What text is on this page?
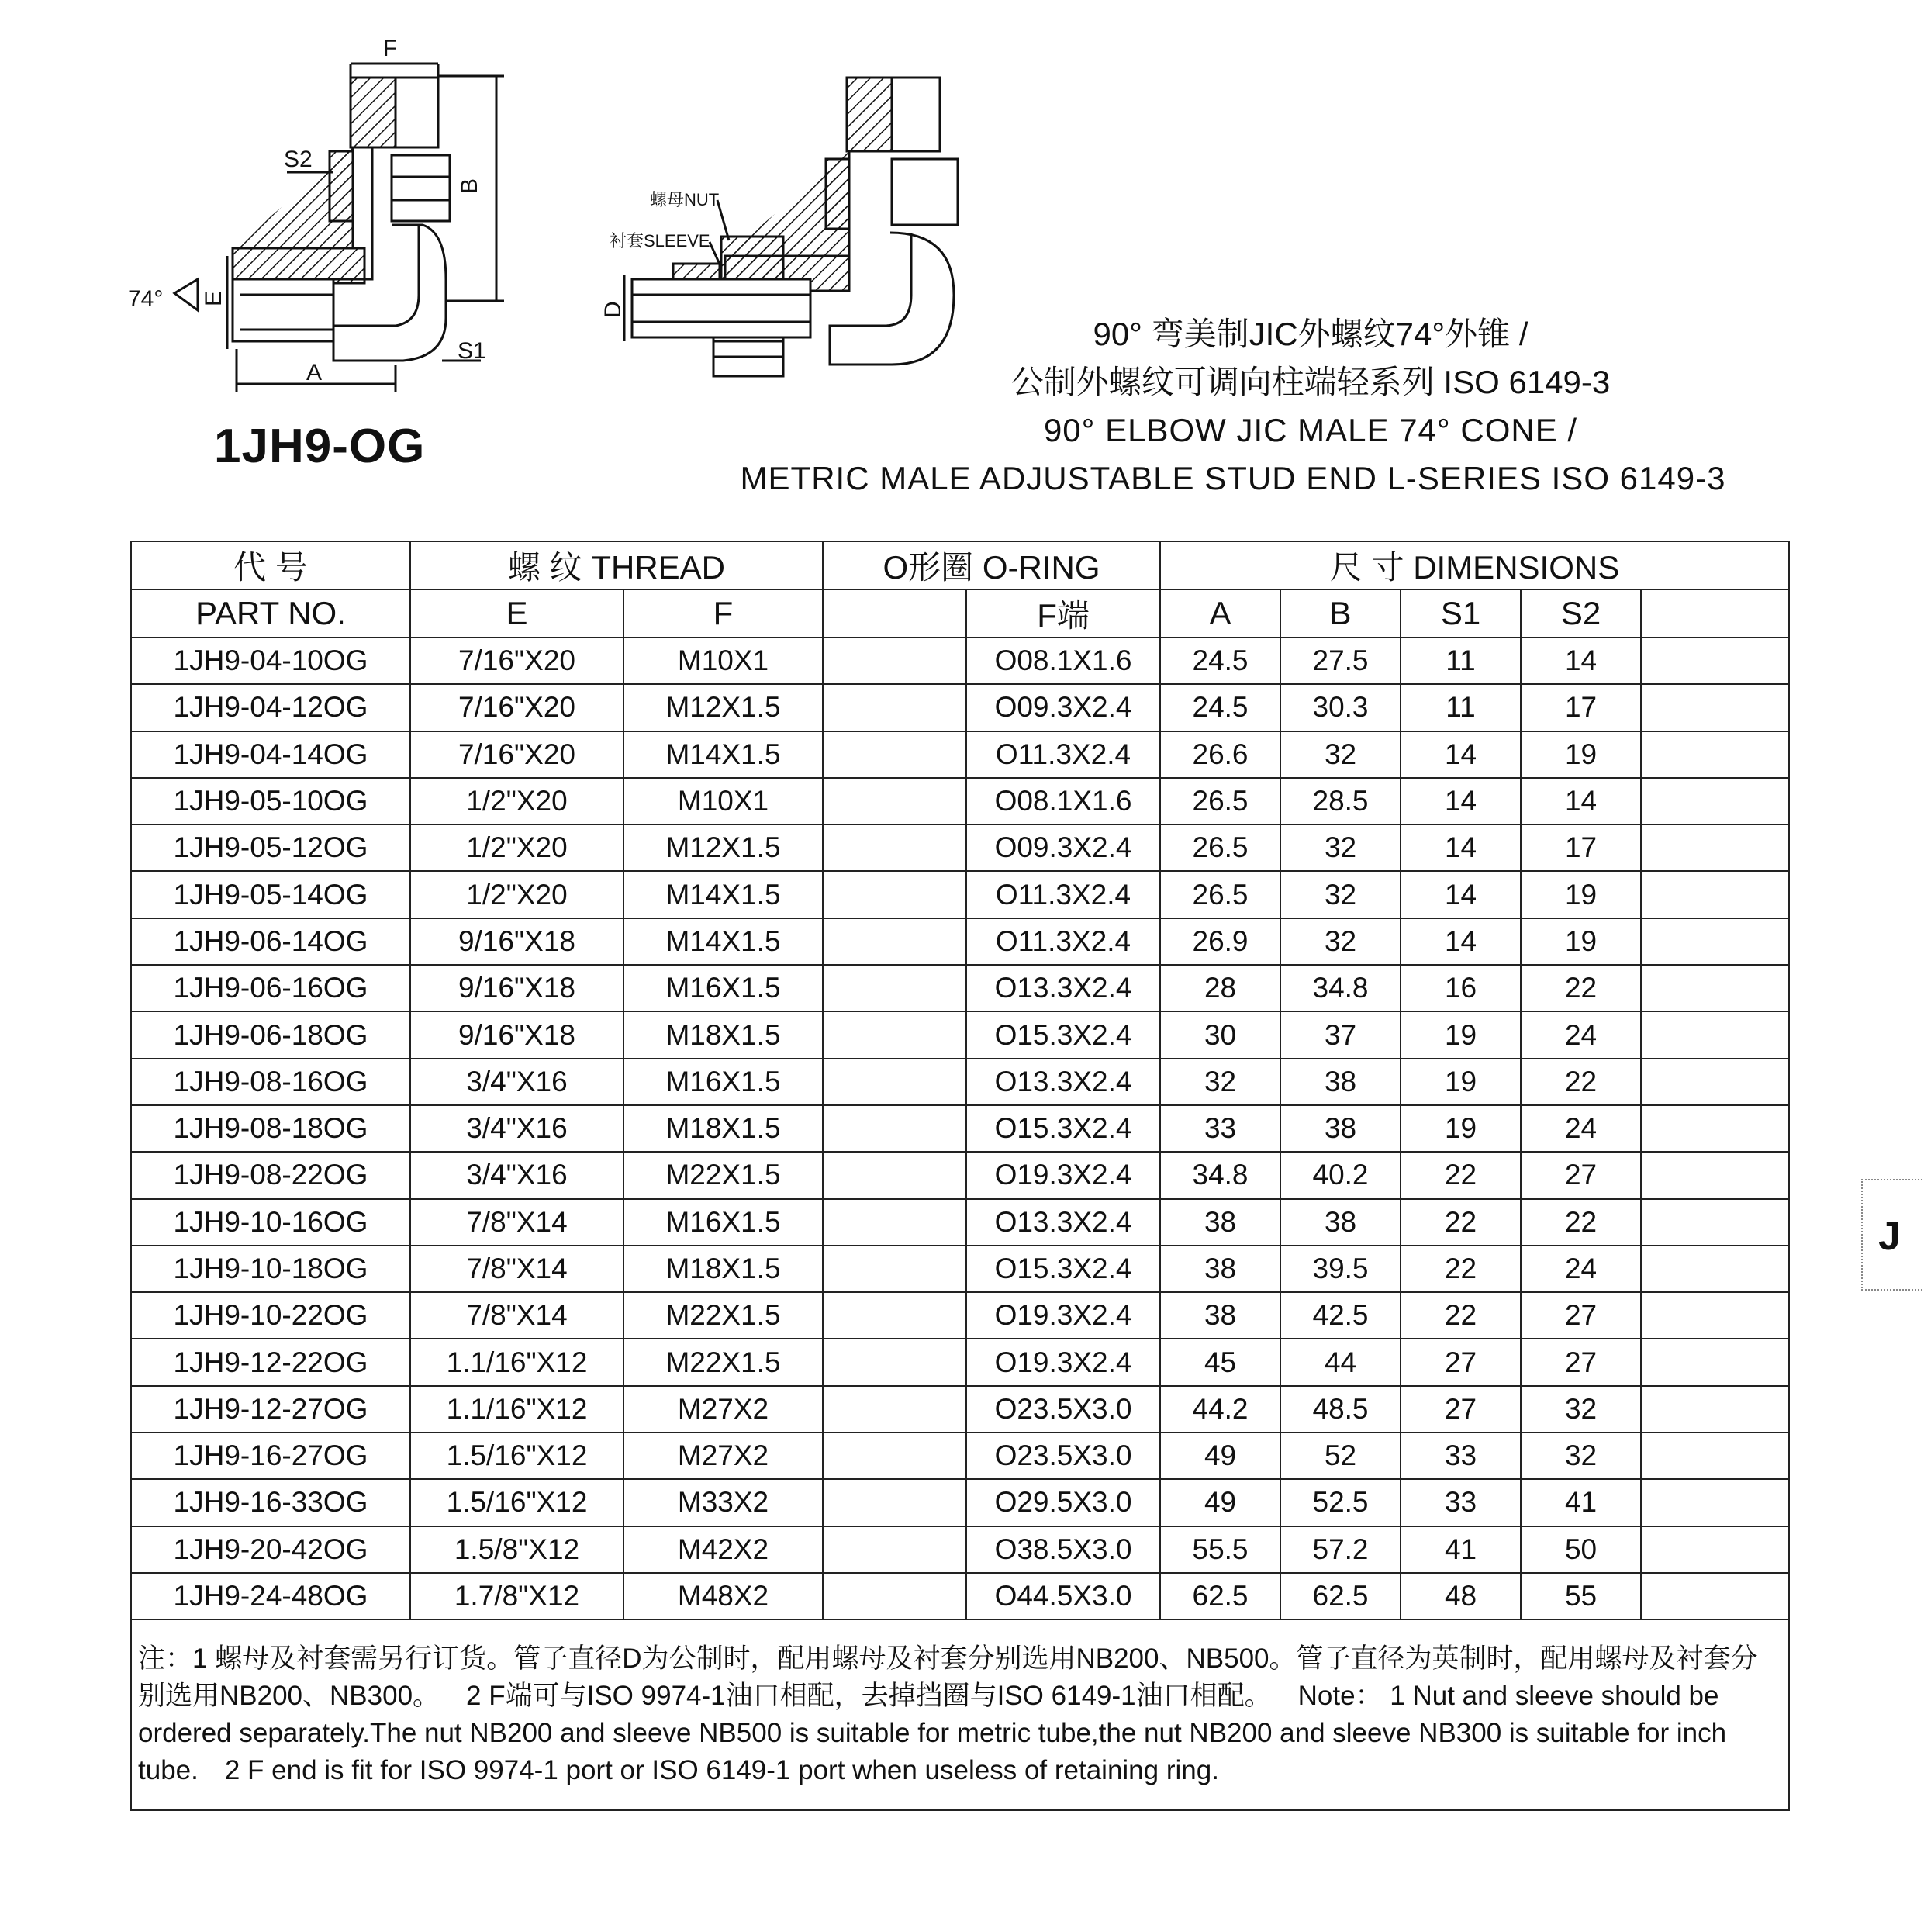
F
B
S2
S1
A
E
74°
螺母NUT
衬套SLEEVE
D
1JH9-OG
90° 弯美制JIC外螺纹74°外锥 /
公制外螺纹可调向柱端轻系列 ISO 6149-3
90° ELBOW JIC MALE 74° CONE /
METRIC MALE ADJUSTABLE STUD END L-SERIES ISO 6149-3
J
代 号	螺 纹 THREAD		O形圈 O-RING		尺 寸 DIMENSIONS				
PART NO.	E	F		F端	A	B	S1	S2	
1JH9-04-10OG	7/16"X20	M10X1		O08.1X1.6	24.5	27.5	11	14	
1JH9-04-12OG	7/16"X20	M12X1.5		O09.3X2.4	24.5	30.3	11	17	
1JH9-04-14OG	7/16"X20	M14X1.5		O11.3X2.4	26.6	32	14	19	
1JH9-05-10OG	1/2"X20	M10X1		O08.1X1.6	26.5	28.5	14	14	
1JH9-05-12OG	1/2"X20	M12X1.5		O09.3X2.4	26.5	32	14	17	
1JH9-05-14OG	1/2"X20	M14X1.5		O11.3X2.4	26.5	32	14	19	
1JH9-06-14OG	9/16"X18	M14X1.5		O11.3X2.4	26.9	32	14	19	
1JH9-06-16OG	9/16"X18	M16X1.5		O13.3X2.4	28	34.8	16	22	
1JH9-06-18OG	9/16"X18	M18X1.5		O15.3X2.4	30	37	19	24	
1JH9-08-16OG	3/4"X16	M16X1.5		O13.3X2.4	32	38	19	22	
1JH9-08-18OG	3/4"X16	M18X1.5		O15.3X2.4	33	38	19	24	
1JH9-08-22OG	3/4"X16	M22X1.5		O19.3X2.4	34.8	40.2	22	27	
1JH9-10-16OG	7/8"X14	M16X1.5		O13.3X2.4	38	38	22	22	
1JH9-10-18OG	7/8"X14	M18X1.5		O15.3X2.4	38	39.5	22	24	
1JH9-10-22OG	7/8"X14	M22X1.5		O19.3X2.4	38	42.5	22	27	
1JH9-12-22OG	1.1/16"X12	M22X1.5		O19.3X2.4	45	44	27	27	
1JH9-12-27OG	1.1/16"X12	M27X2		O23.5X3.0	44.2	48.5	27	32	
1JH9-16-27OG	1.5/16"X12	M27X2		O23.5X3.0	49	52	33	32	
1JH9-16-33OG	1.5/16"X12	M33X2		O29.5X3.0	49	52.5	33	41	
1JH9-20-42OG	1.5/8"X12	M42X2		O38.5X3.0	55.5	57.2	41	50	
1JH9-24-48OG	1.7/8"X12	M48X2		O44.5X3.0	62.5	62.5	48	55	
注：1 螺母及衬套需另行订货。管子直径D为公制时，配用螺母及衬套分别选用NB200、NB500。管子直径为英制时，配用螺母及衬套分别选用NB200、NB300。 2 F端可与ISO 9974-1油口相配，去掉挡圈与ISO 6149-1油口相配。 Note： 1 Nut and sleeve should be ordered separately.The nut NB200 and sleeve NB500 is suitable for metric tube,the nut NB200 and sleeve NB300 is suitable for inch tube. 2 F end is fit for ISO 9974-1 port or ISO 6149-1 port when useless of retaining ring.									
